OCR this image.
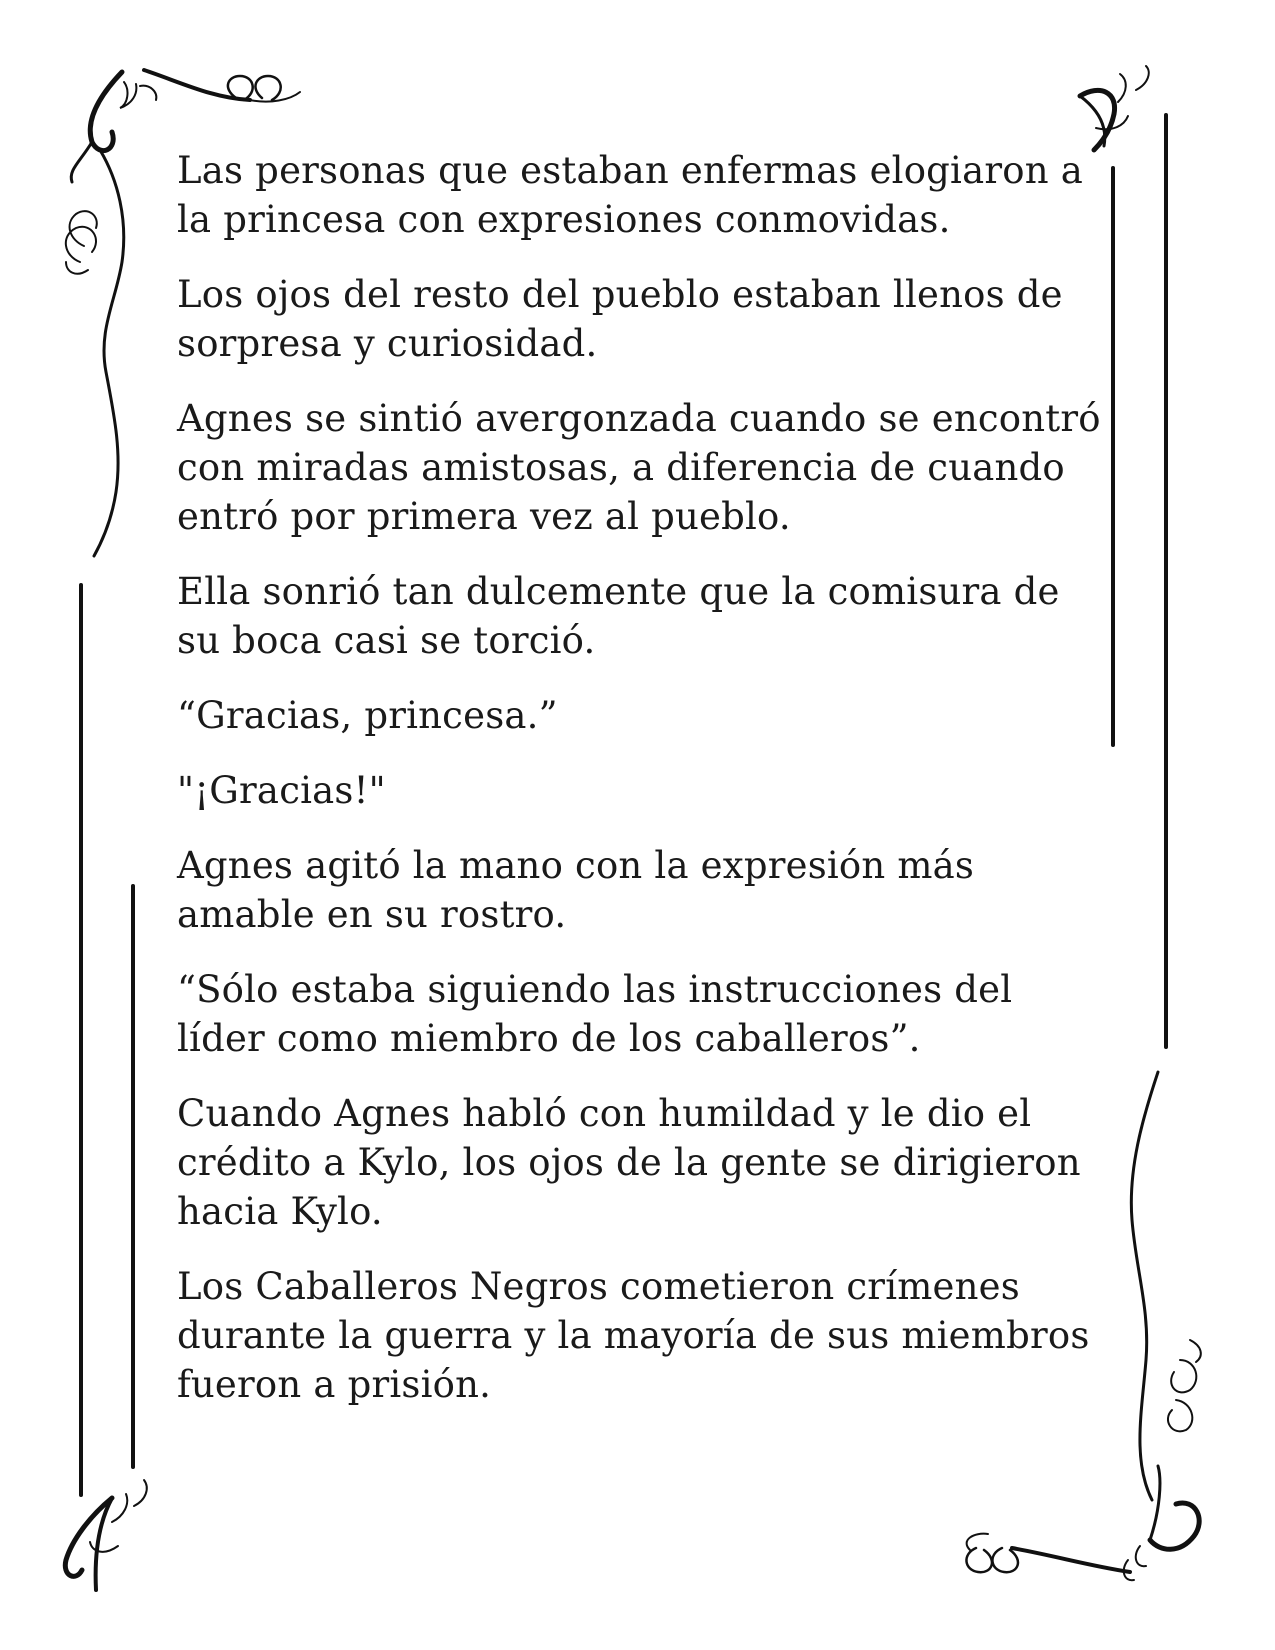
Las personas que estaban enfermas elogiaron a la princesa con expresiones conmovidas.

Los ojos del resto del pueblo estaban llenos de sorpresa y curiosidad.

Agnes se sintió avergonzada cuando se encontró con miradas amistosas, a diferencia de cuando entró por primera vez al pueblo.

Ella sonrió tan dulcemente que la comisura de su boca casi se torció.

“Gracias, princesa.”

"¡Gracias!"

Agnes agitó la mano con la expresión más amable en su rostro.

“Sólo estaba siguiendo las instrucciones del líder como miembro de los caballeros”.

Cuando Agnes habló con humildad y le dio el crédito a Kylo, los ojos de la gente se dirigieron hacia Kylo.

Los Caballeros Negros cometieron crímenes durante la guerra y la mayoría de sus miembros fueron a prisión.
